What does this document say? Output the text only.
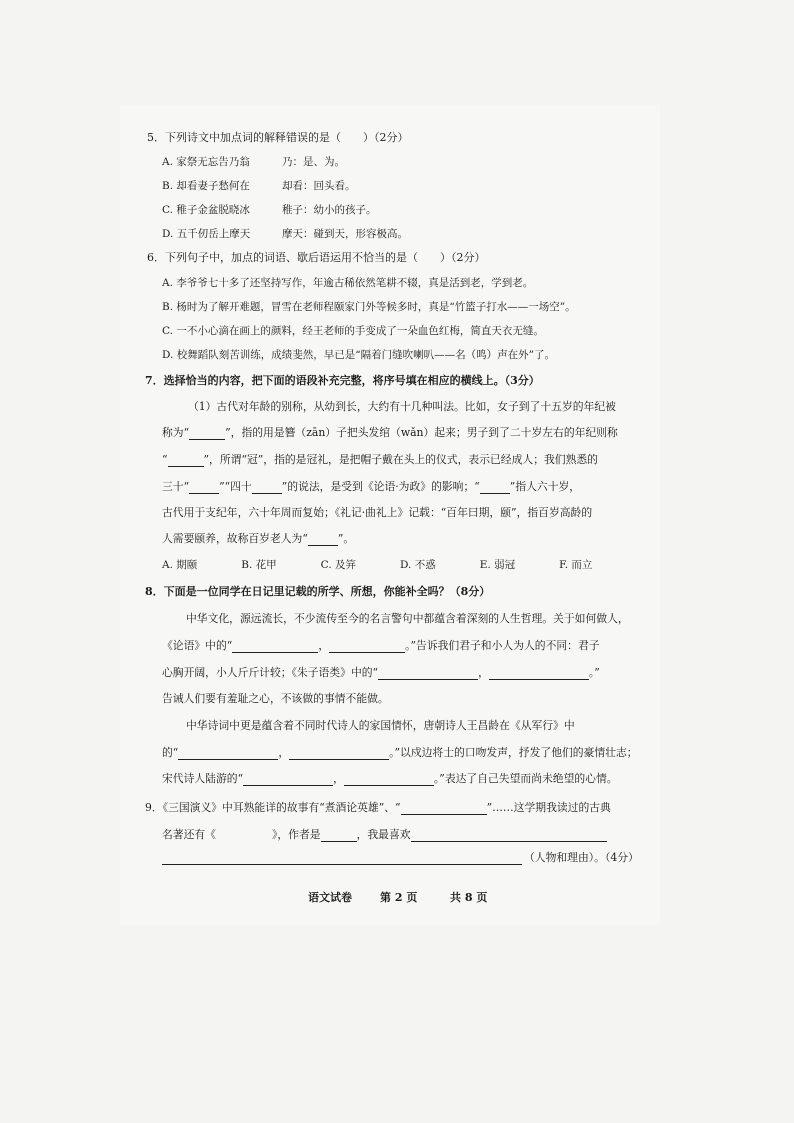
5．下列诗文中加点词的解释错误的是（　　）（2分）
A. 家祭无忘告乃翁	乃：是、为。
B. 却看妻子愁何在	却看：回头看。
C. 稚子金盆脱晓冰	稚子：幼小的孩子。
D. 五千仞岳上摩天	摩天：碰到天，形容极高。
6．下列句子中，加点的词语、歇后语运用不恰当的是（　　）（2分）
A. 李爷爷七十多了还坚持写作，年逾古稀依然笔耕不辍，真是活到老，学到老。
B. 杨时为了解开难题，冒雪在老师程颐家门外等候多时，真是“竹篮子打水——一场空”。
C. 一不小心滴在画上的颜料，经王老师的手变成了一朵血色红梅，简直天衣无缝。
D. 校舞蹈队刻苦训练，成绩斐然，早已是“隔着门缝吹喇叭——名（鸣）声在外”了。
7．选择恰当的内容，把下面的语段补充完整，将序号填在相应的横线上。（3分）
（1）古代对年龄的别称，从幼到长，大约有十几种叫法。比如，女子到了十五岁的年纪被
称为“	”，指的用是簪（zān）子把头发绾（wǎn）起来；男子到了二十岁左右的年纪则称
“	”，所谓“冠”，指的是冠礼，是把帽子戴在头上的仪式，表示已经成人；我们熟悉的
三十“	”“四十	”的说法，是受到《论语·为政》的影响；“	”指人六十岁，
古代用于支纪年，六十年周而复始；《礼记·曲礼上》记载：“百年曰期，颐”，指百岁高龄的
人需要颐养，故称百岁老人为“	”。
A. 期颐	B. 花甲	C. 及笄	D. 不惑	E. 弱冠	F. 而立
8．下面是一位同学在日记里记载的所学、所想，你能补全吗？（8分）
中华文化，源远流长，不少流传至今的名言警句中都蕴含着深刻的人生哲理。关于如何做人，
《论语》中的“	，	。”告诉我们君子和小人为人的不同：君子
心胸开阔，小人斤斤计较；《朱子语类》中的“	，	。”
告诫人们要有羞耻之心，不该做的事情不能做。
中华诗词中更是蕴含着不同时代诗人的家国情怀，唐朝诗人王昌龄在《从军行》中
的“	，	。”以戍边将士的口吻发声，抒发了他们的豪情壮志；
宋代诗人陆游的“	，	。”表达了自己失望而尚未绝望的心情。
9．《三国演义》中耳熟能详的故事有“煮酒论英雄”、“	”……这学期我读过的古典
名著还有《	》，作者是	，我最喜欢
（人物和理由）。（4分）
语文试卷	第 2 页	共 8 页
